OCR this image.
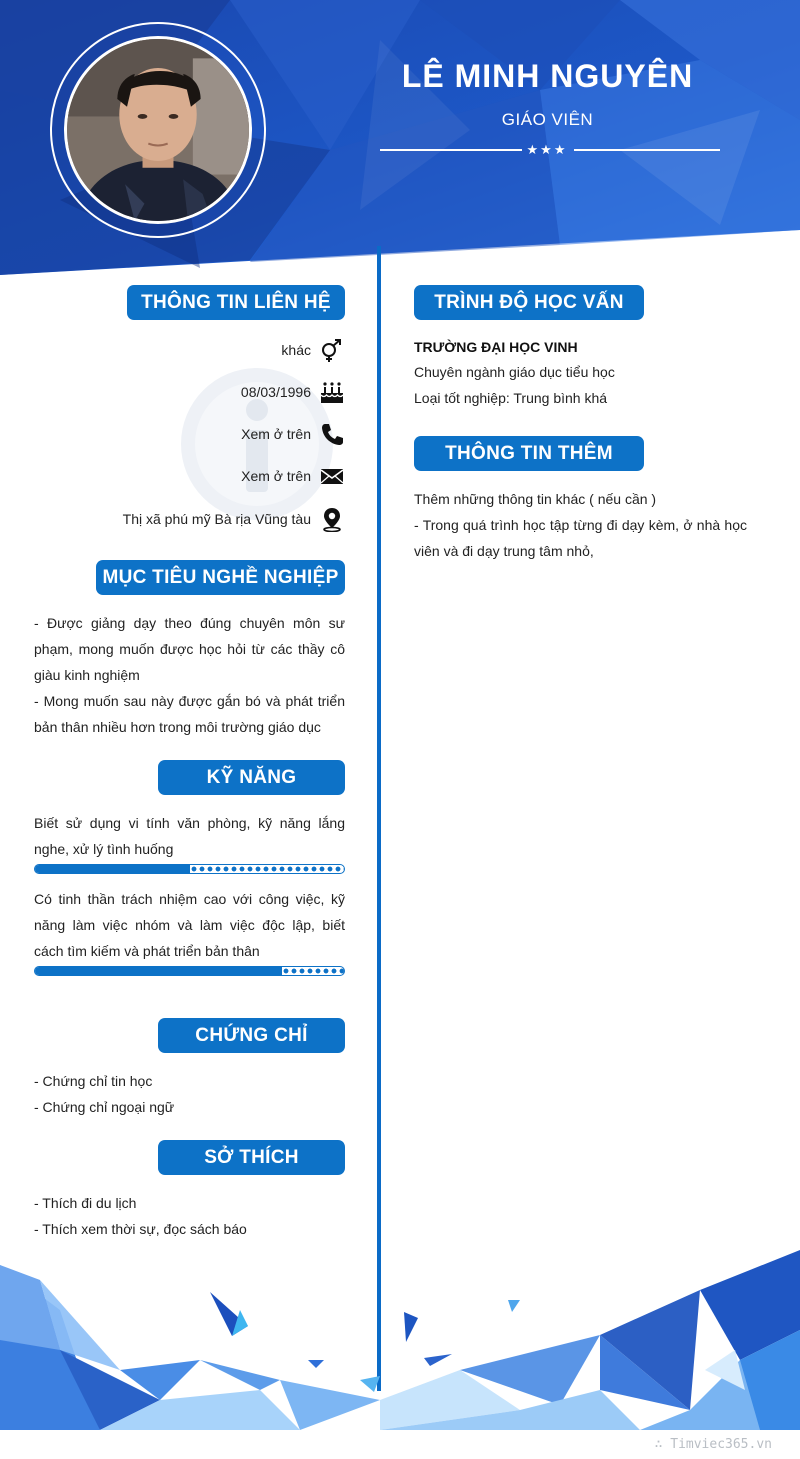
LÊ MINH NGUYÊN
GIÁO VIÊN
★★★
THÔNG TIN LIÊN HỆ
khác
08/03/1996
Xem ở trên
Xem ở trên
Thị xã phú mỹ Bà rịa Vũng tàu
MỤC TIÊU NGHỀ NGHIỆP

- Được giảng dạy theo đúng chuyên môn sư phạm, mong muốn được học hỏi từ các thầy cô giàu kinh nghiệm

- Mong muốn sau này được gắn bó và phát triển bản thân nhiều hơn trong môi trường giáo dục

KỸ NĂNG
Biết sử dụng vi tính văn phòng, kỹ năng lắng nghe, xử lý tình huống
Có tinh thần trách nhiệm cao với công việc, kỹ năng làm việc nhóm và làm việc độc lập, biết cách tìm kiếm và phát triển bản thân
CHỨNG CHỈ

- Chứng chỉ tin học

- Chứng chỉ ngoại ngữ

SỞ THÍCH

- Thích đi du lịch

- Thích xem thời sự, đọc sách báo

TRÌNH ĐỘ HỌC VẤN
TRƯỜNG ĐẠI HỌC VINH

Chuyên ngành giáo dục tiểu học

Loại tốt nghiệp: Trung bình khá

THÔNG TIN THÊM

Thêm những thông tin khác ( nếu cần )

- Trong quá trình học tập từng đi dạy kèm, ở nhà học viên và đi dạy trung tâm nhỏ,

∴ Timviec365.vn
